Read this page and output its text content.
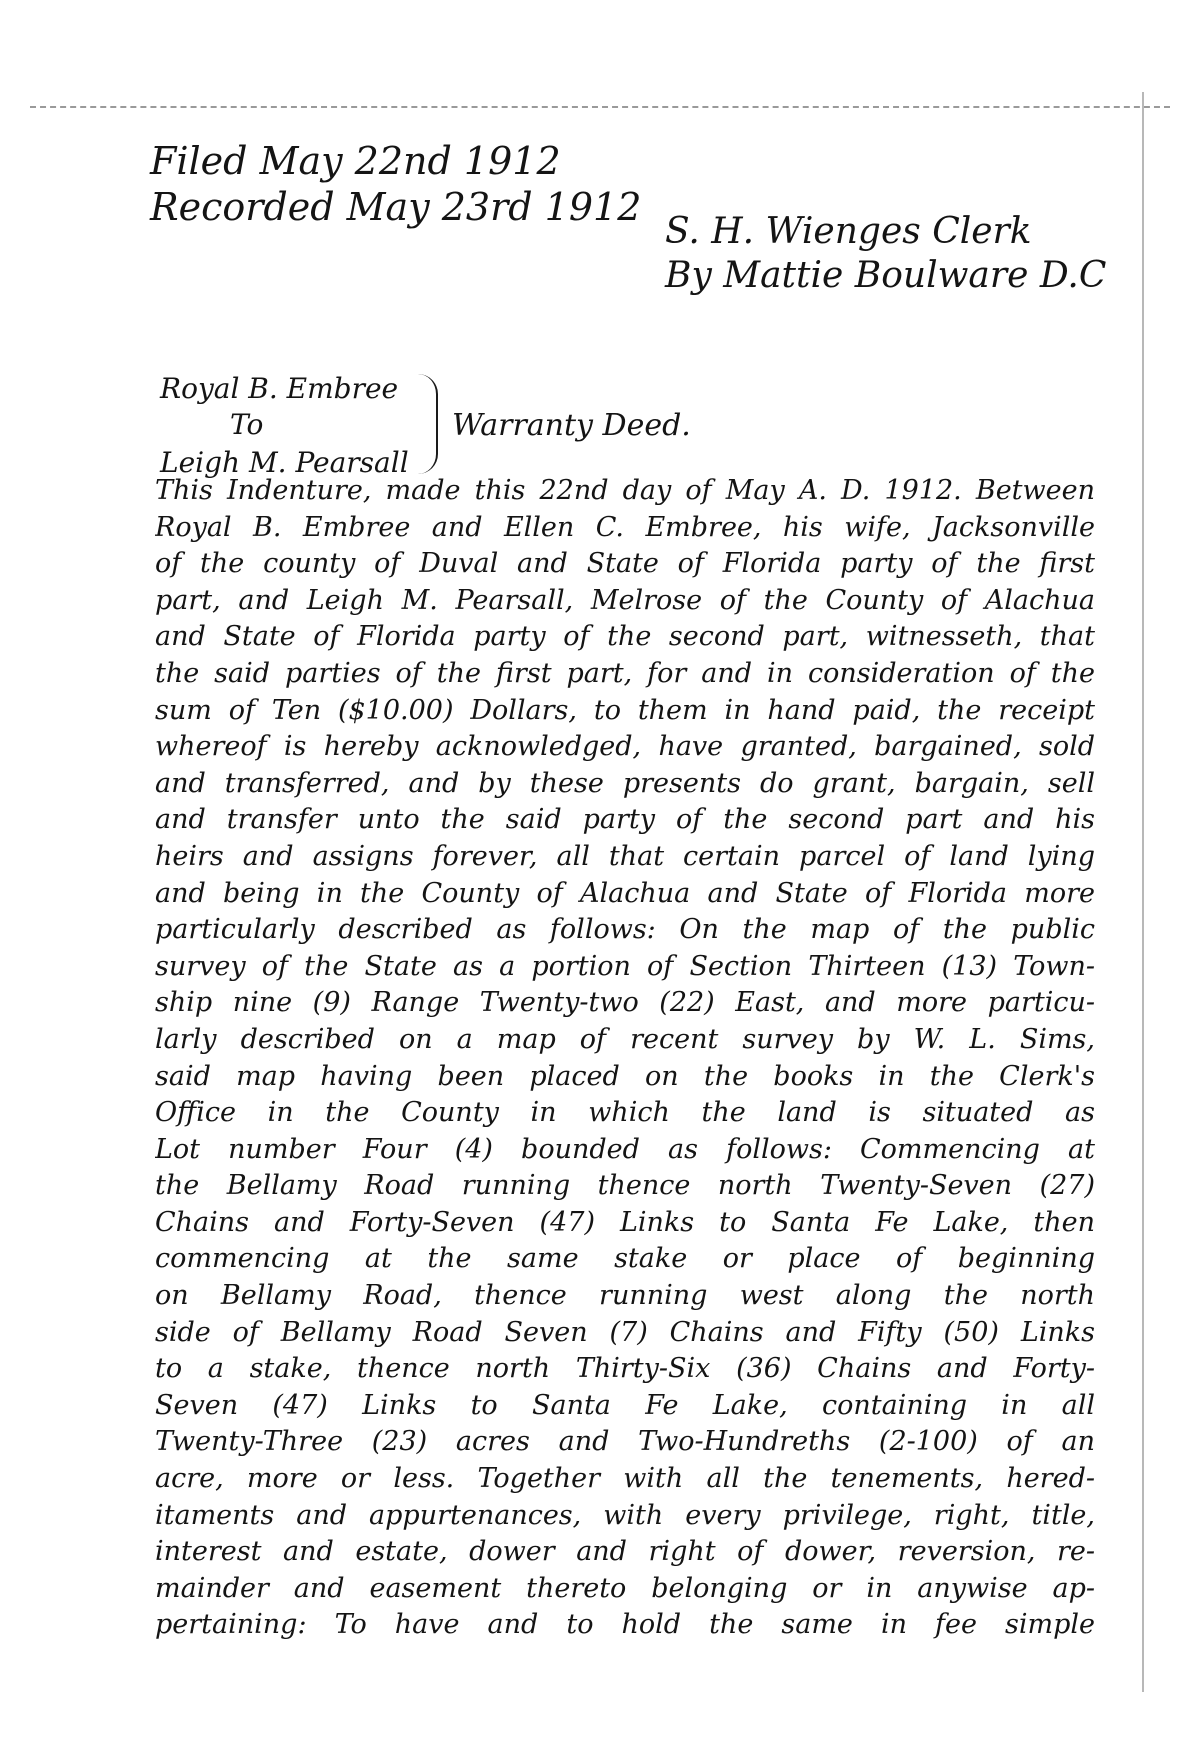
Filed May 22nd 1912
Recorded May 23rd 1912
S. H. Wienges Clerk
By Mattie Boulware D.C
Royal B. Embree
To
Leigh M. Pearsall
Warranty Deed.
This Indenture, made this 22nd day of May A. D. 1912. Between
Royal B. Embree and Ellen C. Embree, his wife, Jacksonville
of the county of Duval and State of Florida party of the first
part, and Leigh M. Pearsall, Melrose of the County of Alachua
and State of Florida party of the second part, witnesseth, that
the said parties of the first part, for and in consideration of the
sum of Ten ($10.00) Dollars, to them in hand paid, the receipt
whereof is hereby acknowledged, have granted, bargained, sold
and transferred, and by these presents do grant, bargain, sell
and transfer unto the said party of the second part and his
heirs and assigns forever, all that certain parcel of land lying
and being in the County of Alachua and State of Florida more
particularly described as follows: On the map of the public
survey of the State as a portion of Section Thirteen (13) Town-
ship nine (9) Range Twenty-two (22) East, and more particu-
larly described on a map of recent survey by W. L. Sims,
said map having been placed on the books in the Clerk's
Office in the County in which the land is situated as
Lot number Four (4) bounded as follows: Commencing at
the Bellamy Road running thence north Twenty-Seven (27)
Chains and Forty-Seven (47) Links to Santa Fe Lake, then
commencing at the same stake or place of beginning
on Bellamy Road, thence running west along the north
side of Bellamy Road Seven (7) Chains and Fifty (50) Links
to a stake, thence north Thirty-Six (36) Chains and Forty-
Seven (47) Links to Santa Fe Lake, containing in all
Twenty-Three (23) acres and Two-Hundreths (2-100) of an
acre, more or less. Together with all the tenements, hered-
itaments and appurtenances, with every privilege, right, title,
interest and estate, dower and right of dower, reversion, re-
mainder and easement thereto belonging or in anywise ap-
pertaining: To have and to hold the same in fee simple
